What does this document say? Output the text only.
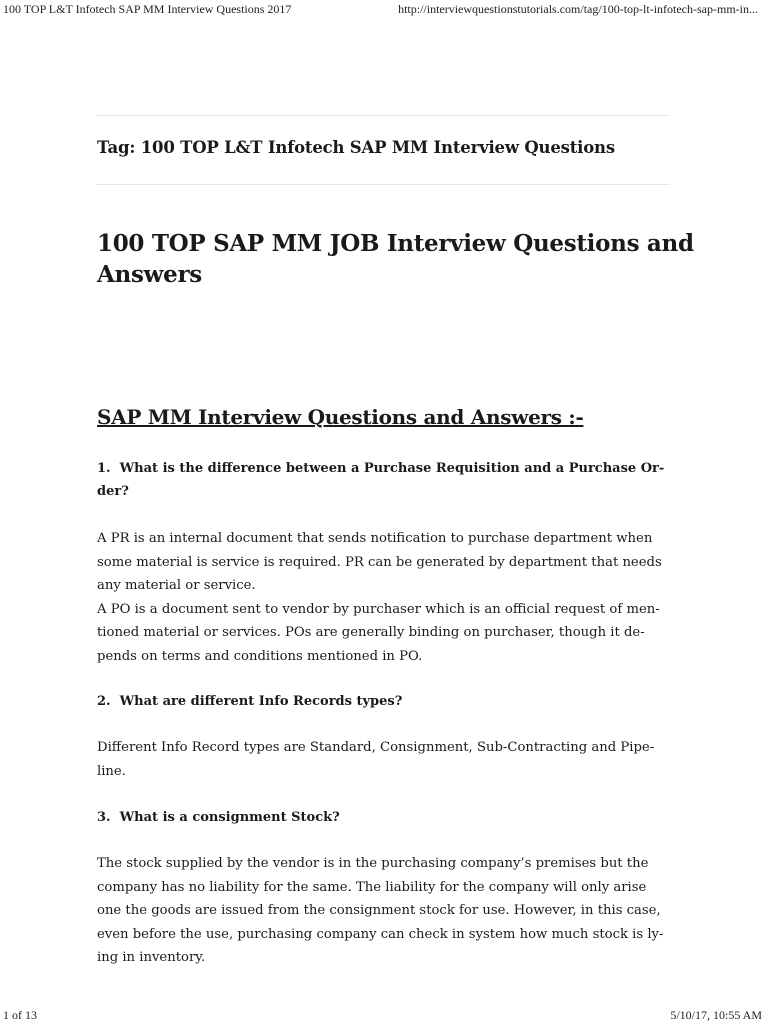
100 TOP L&T Infotech SAP MM Interview Questions 2017	http://interviewquestionstutorials.com/tag/100-top-lt-infotech-sap-mm-in...
Tag: 100 TOP L&T Infotech SAP MM Interview Questions
100 TOP SAP MM JOB Interview Questions and
Answers
SAP MM Interview Questions and Answers :-

1. What is the difference between a Purchase Requisition and a Purchase Or-
der?

A PR is an internal document that sends notification to purchase department when
some material is service is required. PR can be generated by department that needs
any material or service.
A PO is a document sent to vendor by purchaser which is an official request of men-
tioned material or services. POs are generally binding on purchaser, though it de-
pends on terms and conditions mentioned in PO.

2. What are different Info Records types?

Different Info Record types are Standard, Consignment, Sub-Contracting and Pipe-
line.

3. What is a consignment Stock?

The stock supplied by the vendor is in the purchasing company’s premises but the
company has no liability for the same. The liability for the company will only arise
one the goods are issued from the consignment stock for use. However, in this case,
even before the use, purchasing company can check in system how much stock is ly-
ing in inventory.
1 of 13	5/10/17, 10:55 AM
